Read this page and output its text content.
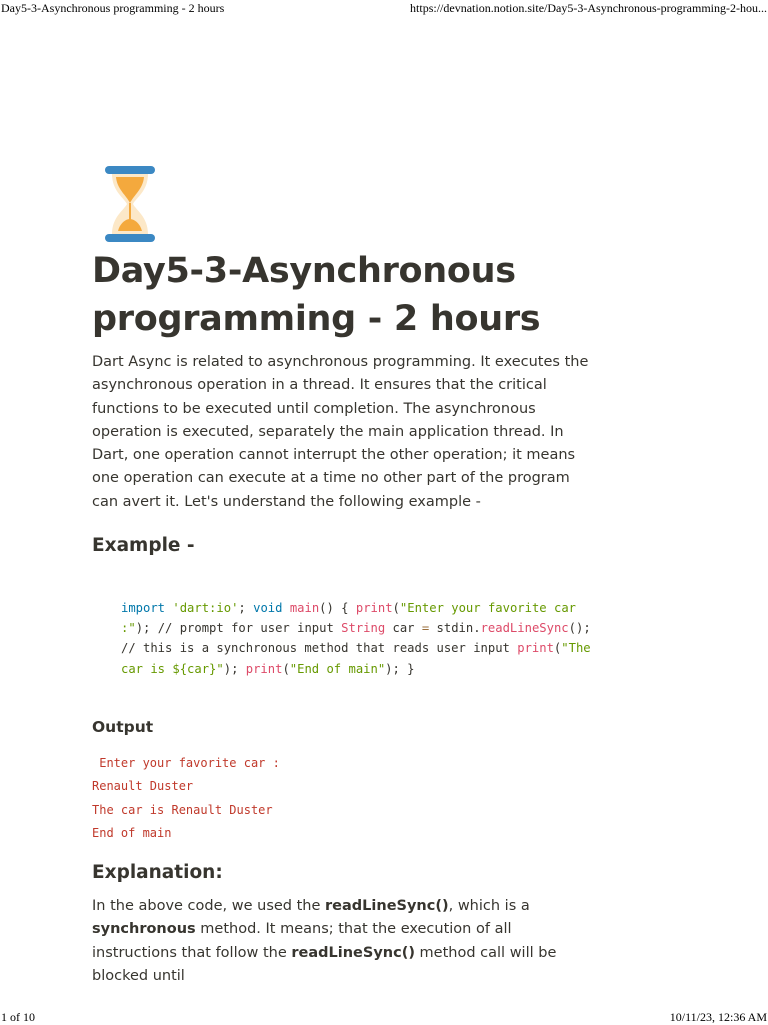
Day5-3-Asynchronous programming - 2 hours	https://devnation.notion.site/Day5-3-Asynchronous-programming-2-hou...
Day5-3-Asynchronous programming - 2 hours

Dart Async is related to asynchronous programming. It executes the asynchronous operation in a thread. It ensures that the critical functions to be executed until completion. The asynchronous operation is executed, separately the main application thread. In Dart, one operation cannot interrupt the other operation; it means one operation can execute at a time no other part of the program can avert it. Let's understand the following example -

Example -
import 'dart:io'; void main() { print("Enter your favorite car :"); // prompt for user input String car = stdin.readLineSync(); // this is a synchronous method that reads user input print("The car is ${car}"); print("End of main"); }
Output
Enter your favorite car :
Renault Duster
The car is Renault Duster
End of main
Explanation:

In the above code, we used the readLineSync(), which is a synchronous method. It means; that the execution of all instructions that follow the readLineSync() method call will be blocked until

1 of 10	10/11/23, 12:36 AM
